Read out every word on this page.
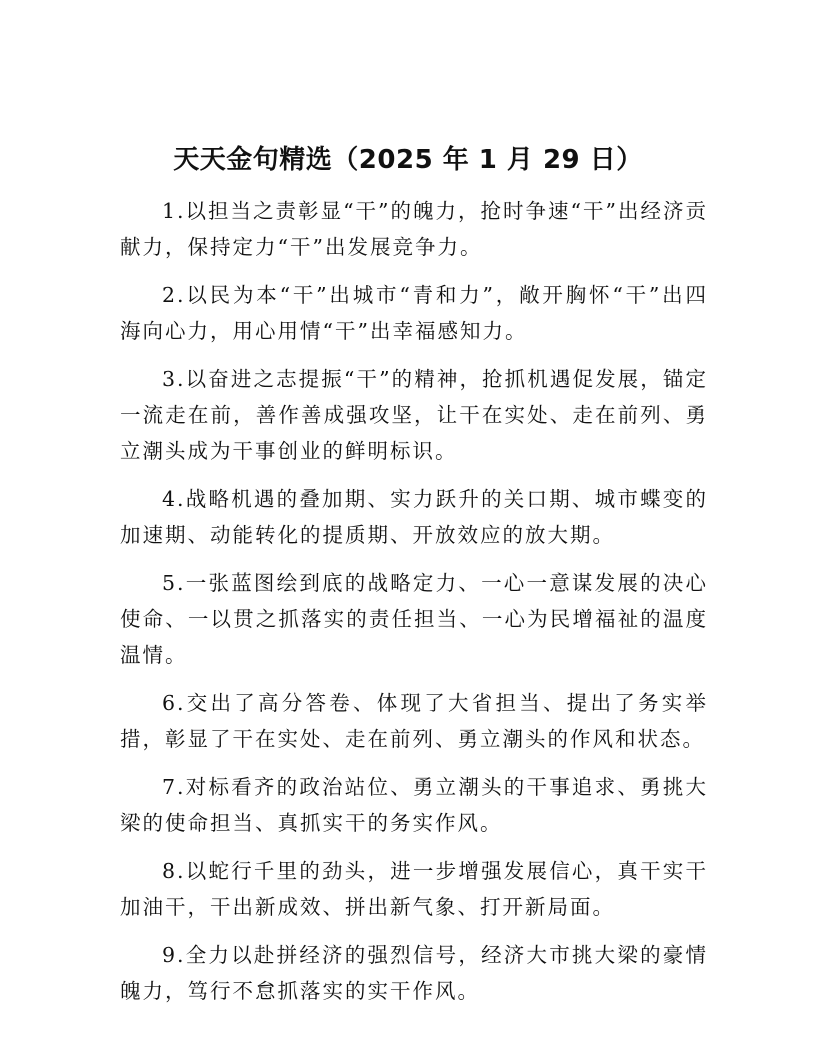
天天金句精选（2025 年 1 月 29 日）

1.以担当之责彰显“干”的魄力，抢时争速“干”出经济贡献力，保持定力“干”出发展竞争力。

2.以民为本“干”出城市“青和力”，敞开胸怀“干”出四海向心力，用心用情“干”出幸福感知力。

3.以奋进之志提振“干”的精神，抢抓机遇促发展，锚定一流走在前，善作善成强攻坚，让干在实处、走在前列、勇立潮头成为干事创业的鲜明标识。

4.战略机遇的叠加期、实力跃升的关口期、城市蝶变的加速期、动能转化的提质期、开放效应的放大期。

5.一张蓝图绘到底的战略定力、一心一意谋发展的决心使命、一以贯之抓落实的责任担当、一心为民增福祉的温度温情。

6.交出了高分答卷、体现了大省担当、提出了务实举措，彰显了干在实处、走在前列、勇立潮头的作风和状态。

7.对标看齐的政治站位、勇立潮头的干事追求、勇挑大梁的使命担当、真抓实干的务实作风。

8.以蛇行千里的劲头，进一步增强发展信心，真干实干加油干，干出新成效、拼出新气象、打开新局面。

9.全力以赴拼经济的强烈信号，经济大市挑大梁的豪情魄力，笃行不怠抓落实的实干作风。
